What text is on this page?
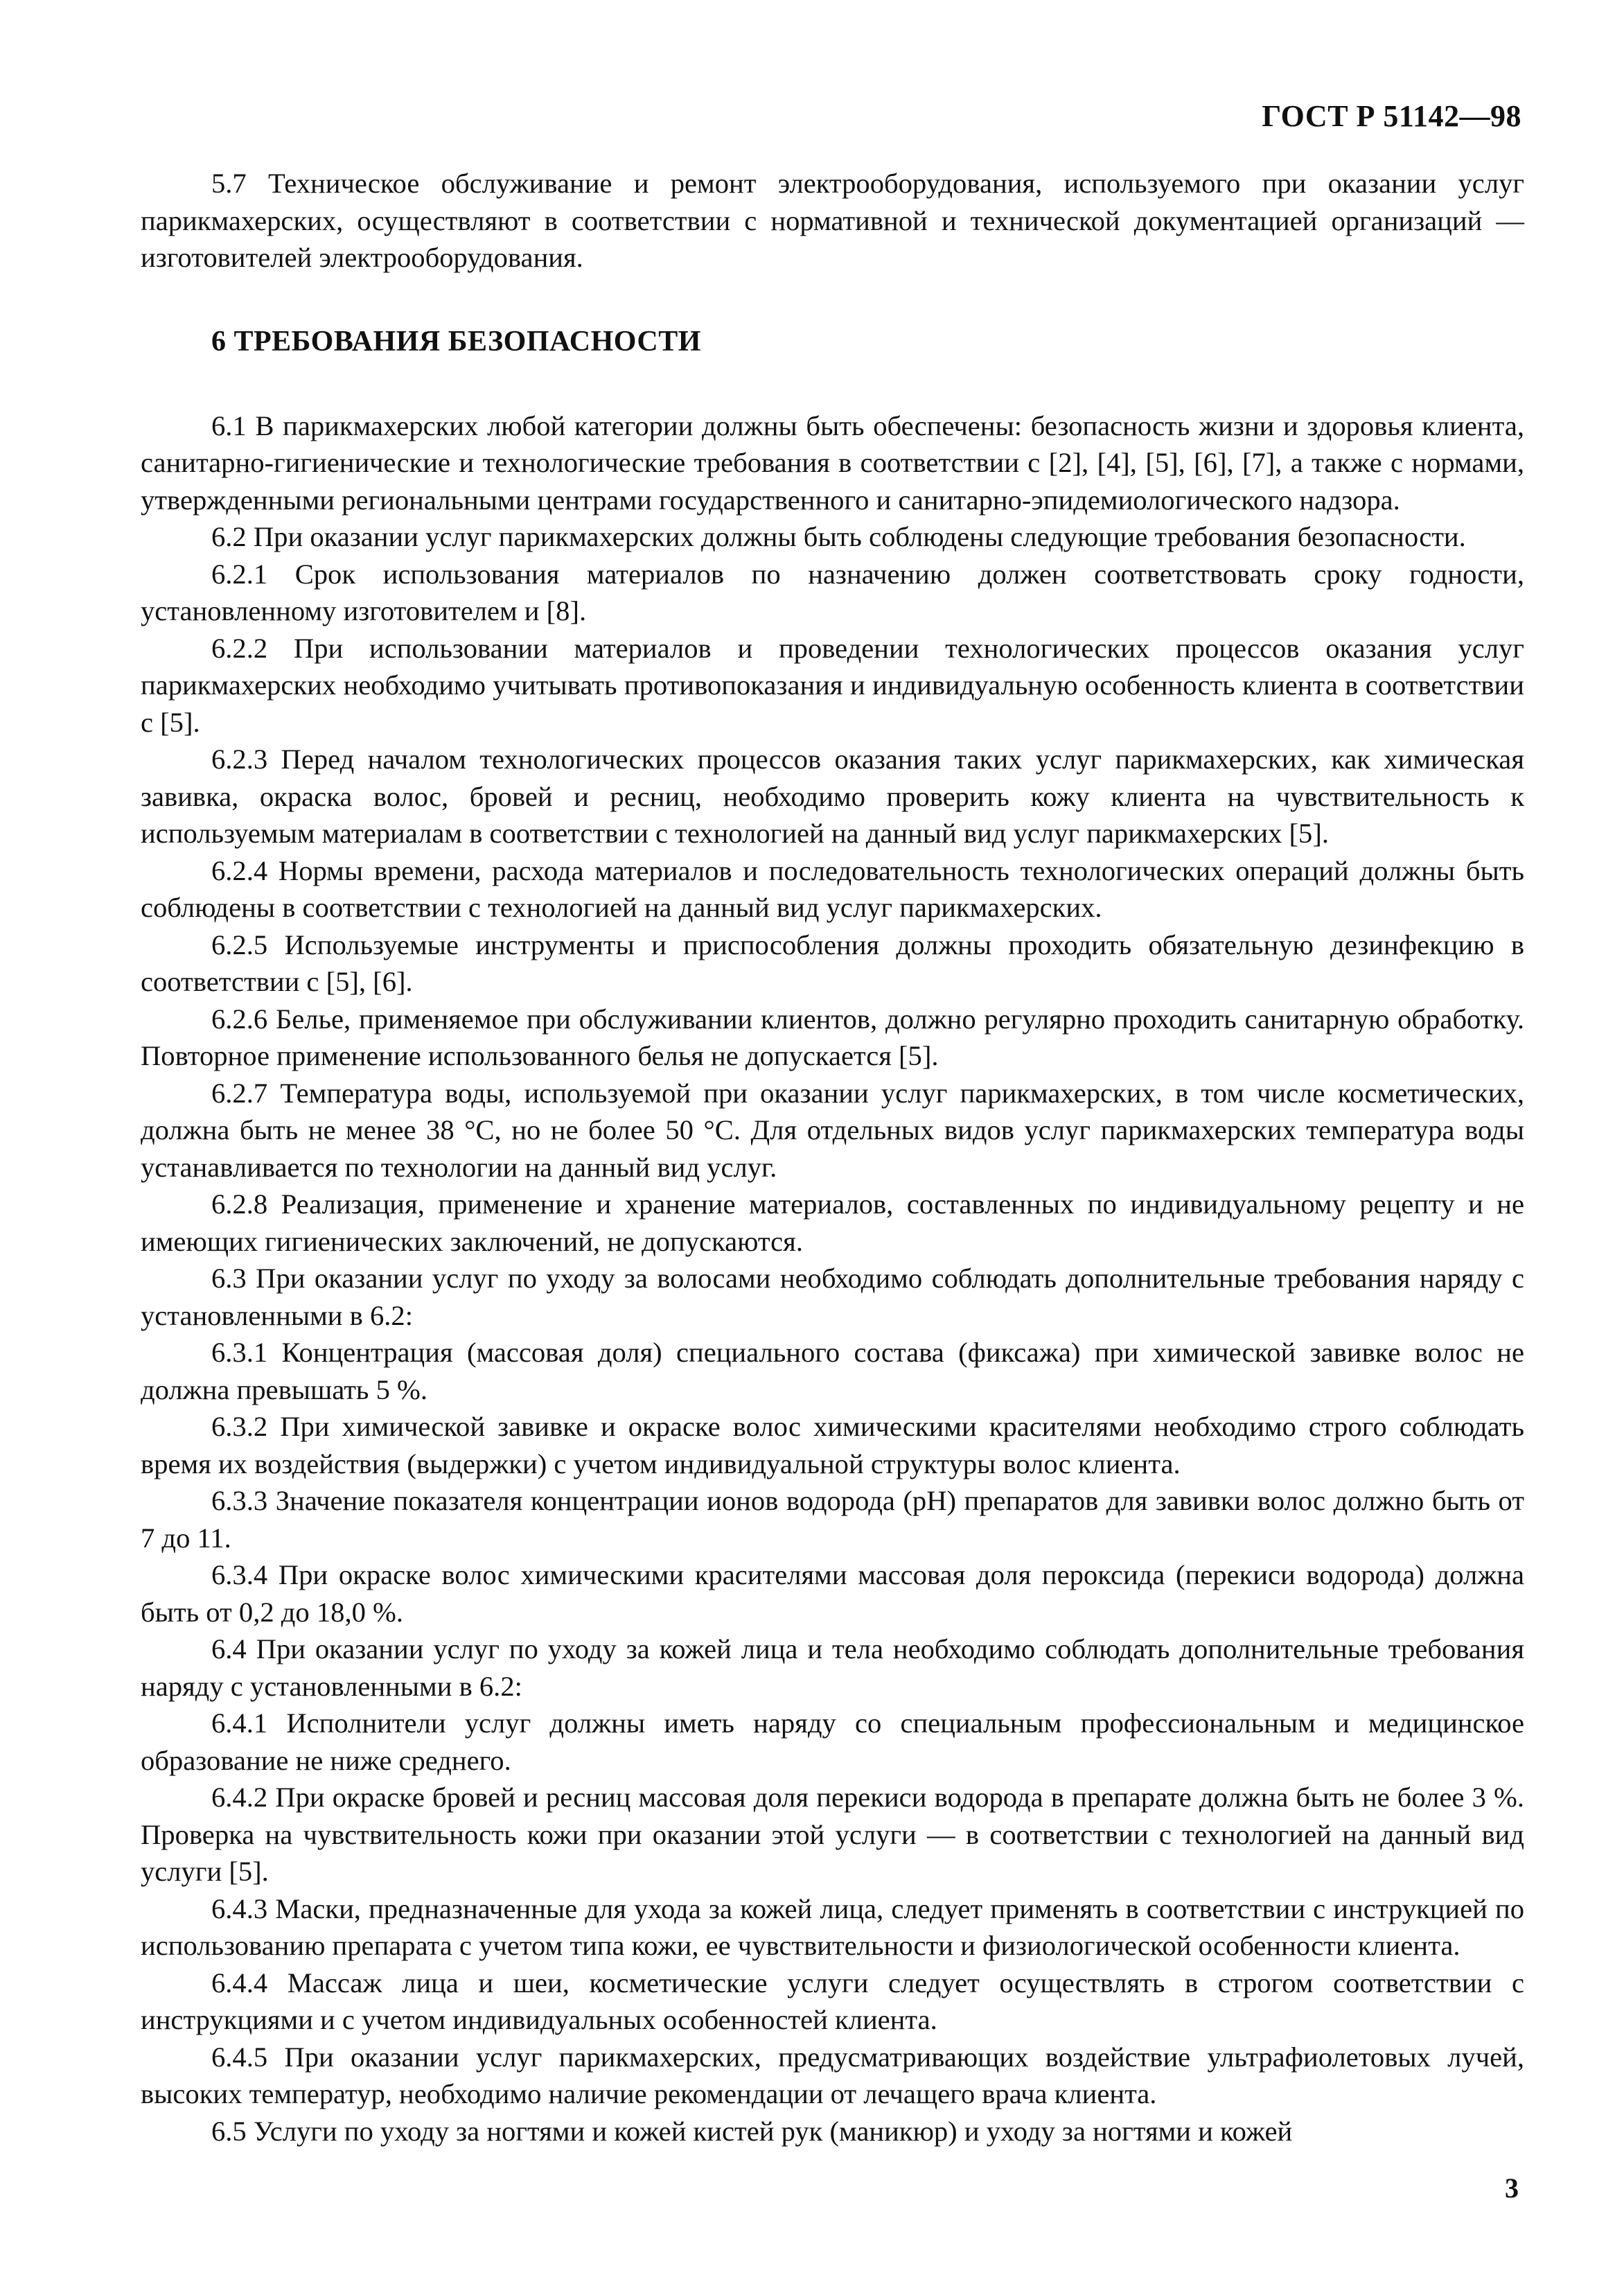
ГОСТ Р 51142—98

5.7 Техническое обслуживание и ремонт электрооборудования, используемого при оказании услуг парикмахерских, осуществляют в соответствии с нормативной и технической документацией организаций — изготовителей электрооборудования.

6 ТРЕБОВАНИЯ БЕЗОПАСНОСТИ

6.1 В парикмахерских любой категории должны быть обеспечены: безопасность жизни и здоровья клиента, санитарно-гигиенические и технологические требования в соответствии с [2], [4], [5], [6], [7], а также с нормами, утвержденными региональными центрами государственного и санитарно-эпидемиологического надзора.

6.2 При оказании услуг парикмахерских должны быть соблюдены следующие требования безопасности.

6.2.1 Срок использования материалов по назначению должен соответствовать сроку годности, установленному изготовителем и [8].

6.2.2 При использовании материалов и проведении технологических процессов оказания услуг парикмахерских необходимо учитывать противопоказания и индивидуальную особенность клиента в соответствии с [5].

6.2.3 Перед началом технологических процессов оказания таких услуг парикмахерских, как химическая завивка, окраска волос, бровей и ресниц, необходимо проверить кожу клиента на чувствительность к используемым материалам в соответствии с технологией на данный вид услуг парикмахерских [5].

6.2.4 Нормы времени, расхода материалов и последовательность технологических операций должны быть соблюдены в соответствии с технологией на данный вид услуг парикмахерских.

6.2.5 Используемые инструменты и приспособления должны проходить обязательную дезинфекцию в соответствии с [5], [6].

6.2.6 Белье, применяемое при обслуживании клиентов, должно регулярно проходить санитарную обработку. Повторное применение использованного белья не допускается [5].

6.2.7 Температура воды, используемой при оказании услуг парикмахерских, в том числе косметических, должна быть не менее 38 °С, но не более 50 °С. Для отдельных видов услуг парикмахерских температура воды устанавливается по технологии на данный вид услуг.

6.2.8 Реализация, применение и хранение материалов, составленных по индивидуальному рецепту и не имеющих гигиенических заключений, не допускаются.

6.3 При оказании услуг по уходу за волосами необходимо соблюдать дополнительные требования наряду с установленными в 6.2:

6.3.1 Концентрация (массовая доля) специального состава (фиксажа) при химической завивке волос не должна превышать 5 %.

6.3.2 При химической завивке и окраске волос химическими красителями необходимо строго соблюдать время их воздействия (выдержки) с учетом индивидуальной структуры волос клиента.

6.3.3 Значение показателя концентрации ионов водорода (рН) препаратов для завивки волос должно быть от 7 до 11.

6.3.4 При окраске волос химическими красителями массовая доля пероксида (перекиси водорода) должна быть от 0,2 до 18,0 %.

6.4 При оказании услуг по уходу за кожей лица и тела необходимо соблюдать дополнительные требования наряду с установленными в 6.2:

6.4.1 Исполнители услуг должны иметь наряду со специальным профессиональным и медицинское образование не ниже среднего.

6.4.2 При окраске бровей и ресниц массовая доля перекиси водорода в препарате должна быть не более 3 %. Проверка на чувствительность кожи при оказании этой услуги — в соответствии с технологией на данный вид услуги [5].

6.4.3 Маски, предназначенные для ухода за кожей лица, следует применять в соответствии с инструкцией по использованию препарата с учетом типа кожи, ее чувствительности и физиологической особенности клиента.

6.4.4 Массаж лица и шеи, косметические услуги следует осуществлять в строгом соответствии с инструкциями и с учетом индивидуальных особенностей клиента.

6.4.5 При оказании услуг парикмахерских, предусматривающих воздействие ультрафиолетовых лучей, высоких температур, необходимо наличие рекомендации от лечащего врача клиента.

6.5 Услуги по уходу за ногтями и кожей кистей рук (маникюр) и уходу за ногтями и кожей

3
